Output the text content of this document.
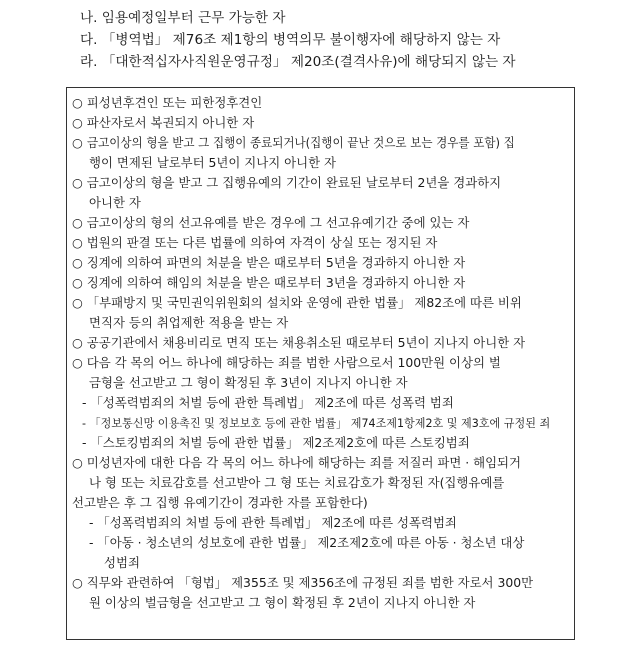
나. 임용예정일부터 근무 가능한 자
다. 「병역법」 제76조 제1항의 병역의무 불이행자에 해당하지 않는 자
라. 「대한적십자사직원운영규정」 제20조(결격사유)에 해당되지 않는 자
○ 피성년후견인 또는 피한정후견인
○ 파산자로서 복권되지 아니한 자
○ 금고이상의 형을 받고 그 집행이 종료되거나(집행이 끝난 것으로 보는 경우를 포함) 집
행이 면제된 날로부터 5년이 지나지 아니한 자
○ 금고이상의 형을 받고 그 집행유예의 기간이 완료된 날로부터 2년을 경과하지
아니한 자
○ 금고이상의 형의 선고유예를 받은 경우에 그 선고유예기간 중에 있는 자
○ 법원의 판결 또는 다른 법률에 의하여 자격이 상실 또는 정지된 자
○ 징계에 의하여 파면의 처분을 받은 때로부터 5년을 경과하지 아니한 자
○ 징계에 의하여 해임의 처분을 받은 때로부터 3년을 경과하지 아니한 자
○ 「부패방지 및 국민권익위원회의 설치와 운영에 관한 법률」 제82조에 따른 비위
면직자 등의 취업제한 적용을 받는 자
○ 공공기관에서 채용비리로 면직 또는 채용취소된 때로부터 5년이 지나지 아니한 자
○ 다음 각 목의 어느 하나에 해당하는 죄를 범한 사람으로서 100만원 이상의 벌
금형을 선고받고 그 형이 확정된 후 3년이 지나지 아니한 자
- 「성폭력범죄의 처벌 등에 관한 특례법」 제2조에 따른 성폭력 범죄
- 「정보통신망 이용촉진 및 정보보호 등에 관한 법률」 제74조제1항제2호 및 제3호에 규정된 죄
- 「스토킹범죄의 처벌 등에 관한 법률」 제2조제2호에 따른 스토킹범죄
○ 미성년자에 대한 다음 각 목의 어느 하나에 해당하는 죄를 저질러 파면 · 해임되거
나 형 또는 치료감호를 선고받아 그 형 또는 치료감호가 확정된 자(집행유예를
선고받은 후 그 집행 유예기간이 경과한 자를 포함한다)
- 「성폭력범죄의 처벌 등에 관한 특례법」 제2조에 따른 성폭력범죄
- 「아동 · 청소년의 성보호에 관한 법률」 제2조제2호에 따른 아동 · 청소년 대상
성범죄
○ 직무와 관련하여 「형법」 제355조 및 제356조에 규정된 죄를 범한 자로서 300만
원 이상의 벌금형을 선고받고 그 형이 확정된 후 2년이 지나지 아니한 자
